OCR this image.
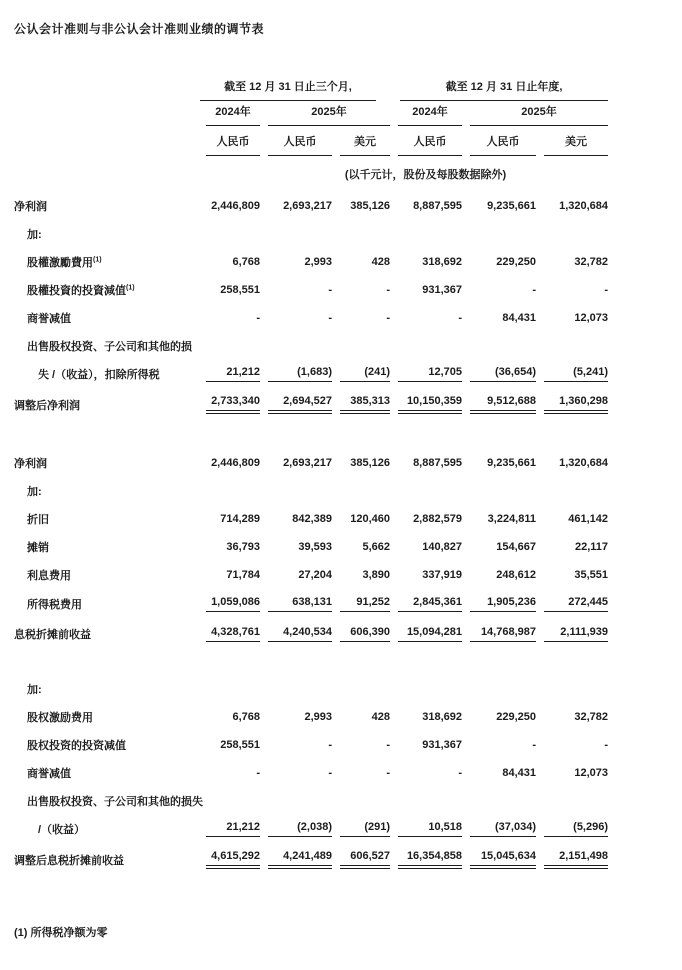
公认会计准则与非公认会计准则业绩的调节表

	截至 12 月 31 日止三个月,			截至 12 月 31 日止年度,		

	2024年	2025年		2024年	2025年	

	人民币	人民币	美元	人民币	人民币	美元

	(以千元计，股份及每股数据除外)					
净利润	2,446,809	2,693,217	385,126	8,887,595	9,235,661	1,320,684

加:	

股權激勵費用$^{(1)}$	6,768	2,993	428	318,692	229,250	32,782

股權投資的投資減值$^{(1)}$	258,551	-	-	931,367	-	-

商誉减值	-	-	-	-	84,431	12,073

出售股权投资、子公司和其他的损	

失 /（收益），扣除所得税	21,212	(1,683)	(241)	12,705	(36,654)	(5,241)

调整后净利润	2,733,340	2,694,527	385,313	10,150,359	9,512,688	1,360,298

净利润	2,446,809	2,693,217	385,126	8,887,595	9,235,661	1,320,684

加:	

折旧	714,289	842,389	120,460	2,882,579	3,224,811	461,142

摊销	36,793	39,593	5,662	140,827	154,667	22,117

利息费用	71,784	27,204	3,890	337,919	248,612	35,551

所得税费用	1,059,086	638,131	91,252	2,845,361	1,905,236	272,445

息税折摊前收益	4,328,761	4,240,534	606,390	15,094,281	14,768,987	2,111,939

加:	

股权激励费用	6,768	2,993	428	318,692	229,250	32,782

股权投资的投资减值	258,551	-	-	931,367	-	-

商誉减值	-	-	-	-	84,431	12,073

出售股权投资、子公司和其他的损失	

/（收益）	21,212	(2,038)	(291)	10,518	(37,034)	(5,296)

调整后息税折摊前收益	4,615,292	4,241,489	606,527	16,354,858	15,045,634	2,151,498
(1) 所得税净额为零
